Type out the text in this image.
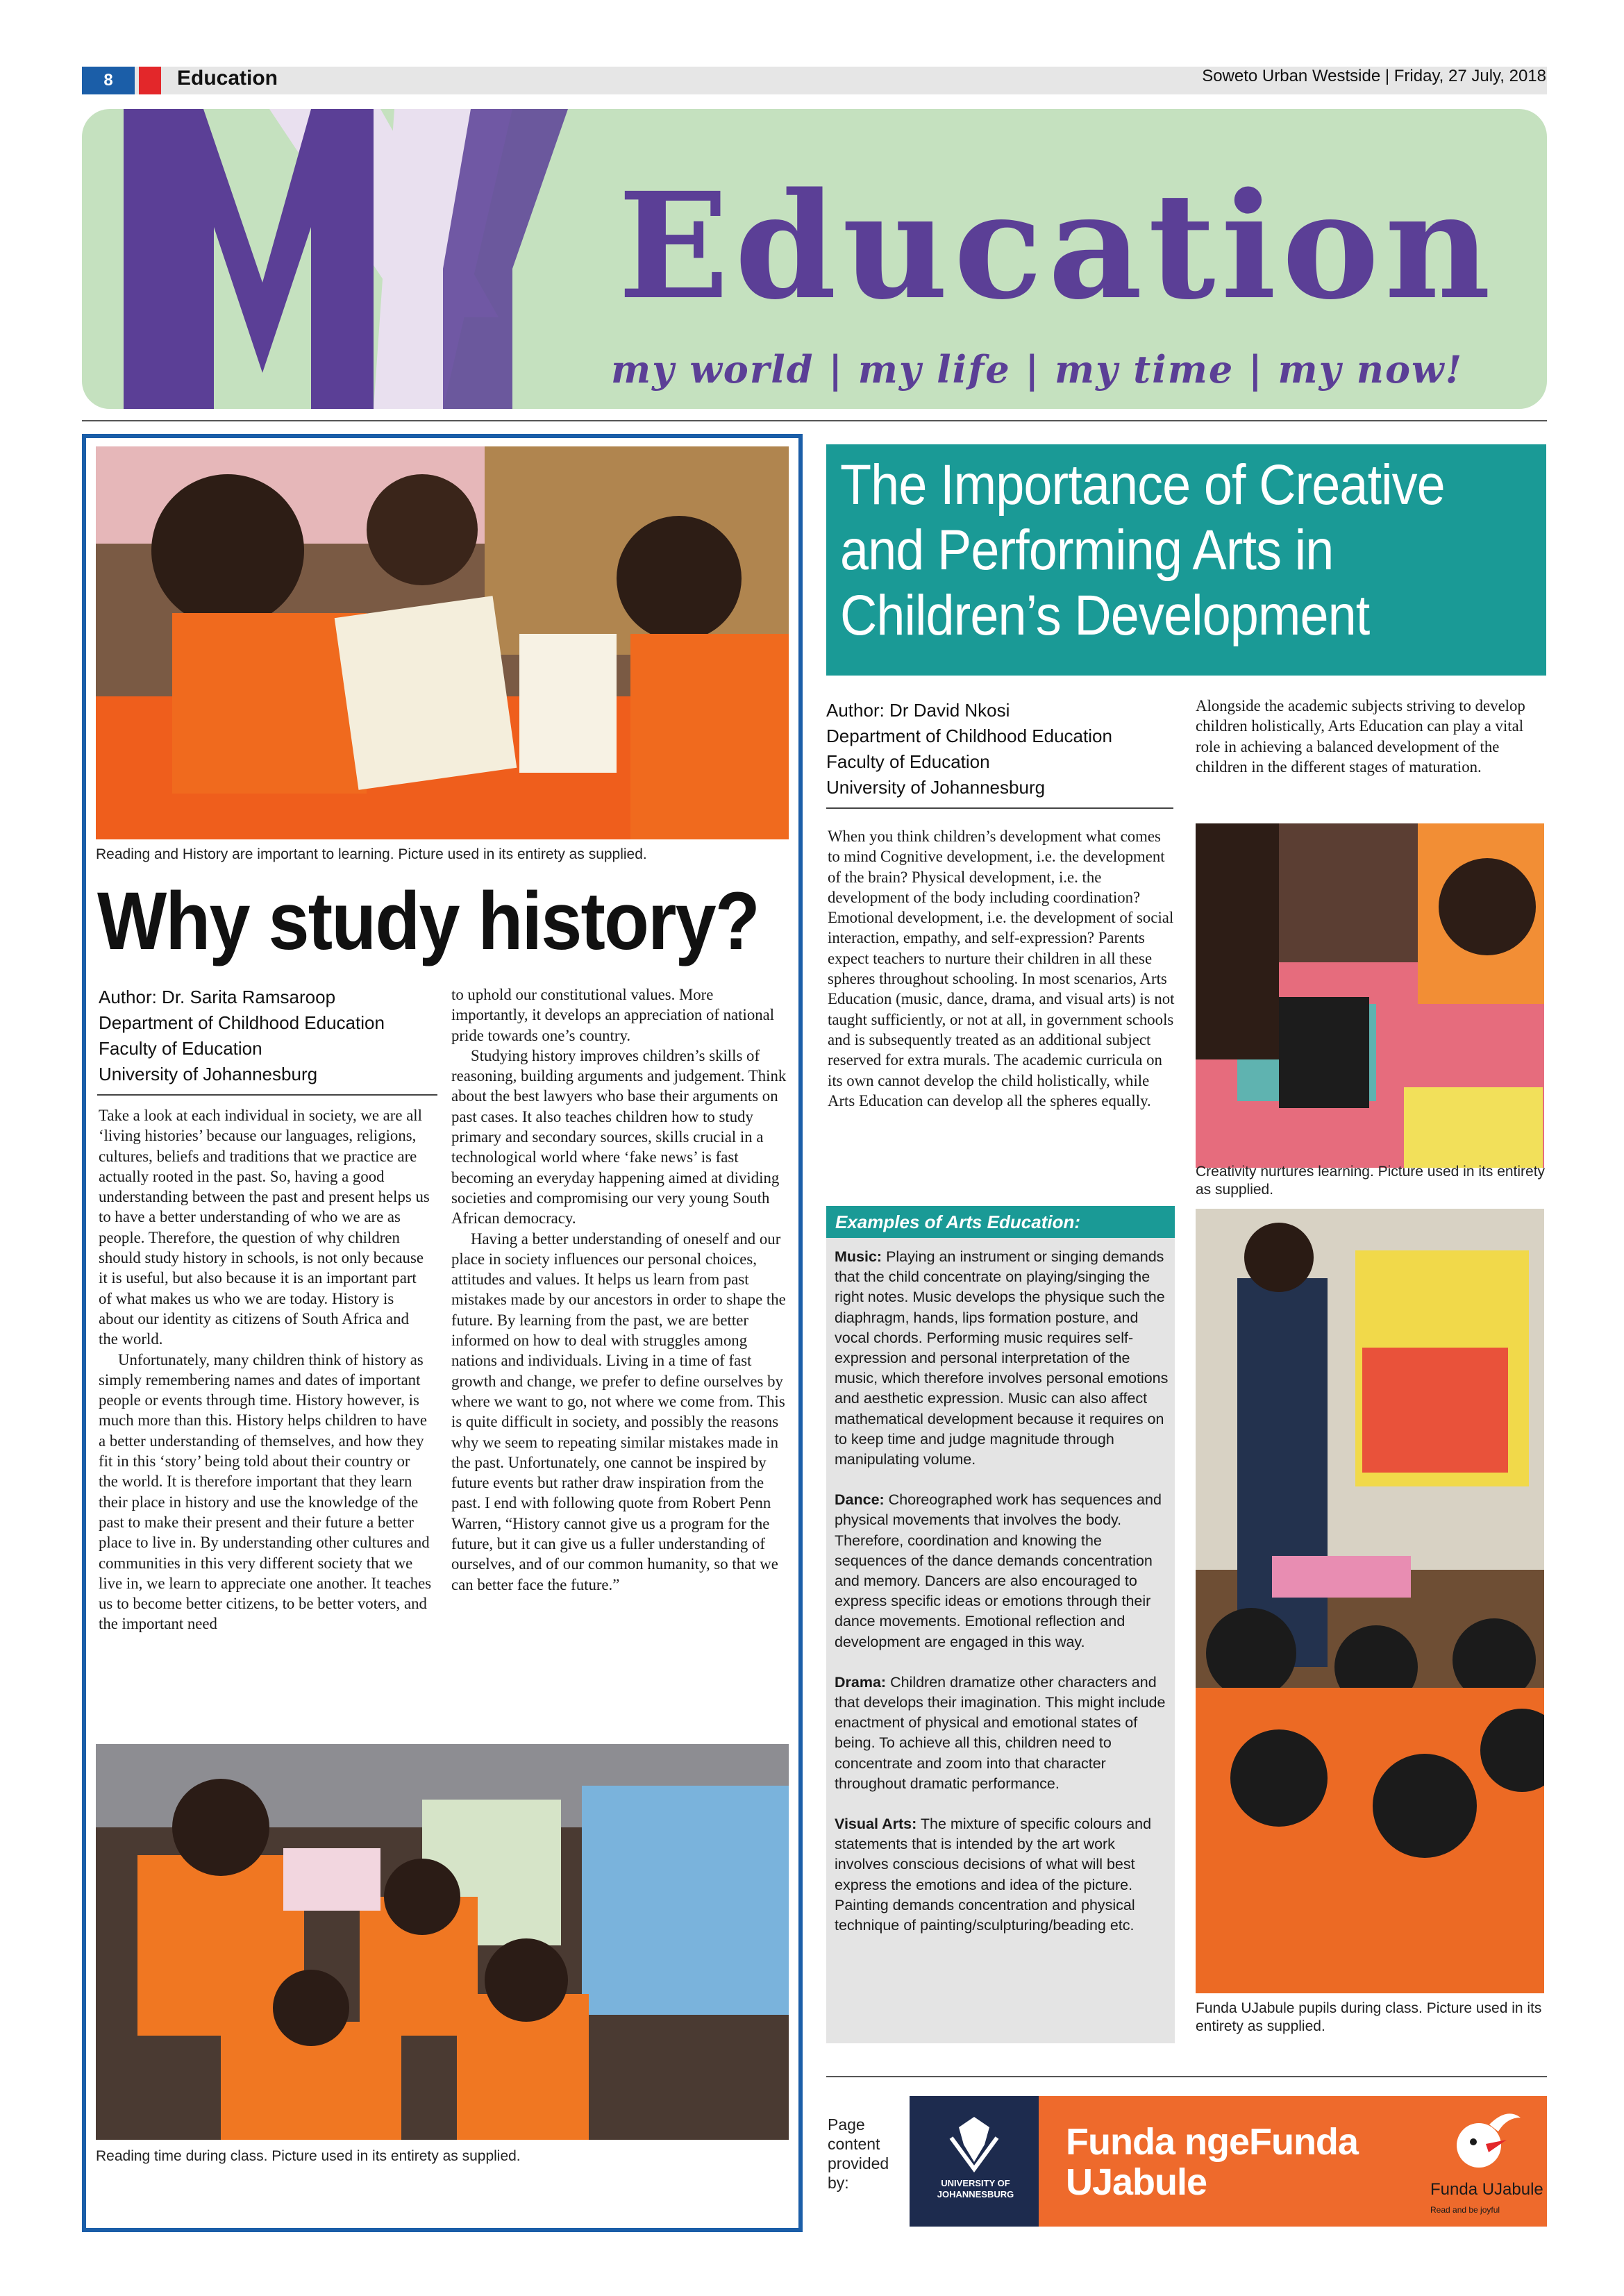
8	Education	Soweto Urban Westside | Friday, 27 July, 2018
Education
my world | my life | my time | my now!
Reading and History are important to learning. Picture used in its entirety as supplied.
Why study history?
Author: Dr. Sarita Ramsaroop
Department of Childhood Education
Faculty of Education
University of Johannesburg

Take a look at each individual in society, we are all ‘living histories’ because our languages, religions, cultures, beliefs and traditions that we practice are actually rooted in the past. So, having a good understanding between the past and present helps us to have a better understanding of who we are as people. Therefore, the question of why children should study history in schools, is not only because it is useful, but also because it is an important part of what makes us who we are today. History is about our identity as citizens of South Africa and the world.

Unfortunately, many children think of history as simply remembering names and dates of important people or events through time. History however, is much more than this. History helps children to have a better understanding of themselves, and how they fit in this ‘story’ being told about their country or the world. It is therefore important that they learn their place in history and use the knowledge of the past to make their present and their future a better place to live in. By understanding other cultures and communities in this very different society that we live in, we learn to appreciate one another. It teaches us to become better citizens, to be better voters, and the important need

to uphold our constitutional values. More importantly, it develops an appreciation of national pride towards one’s country.

Studying history improves children’s skills of reasoning, building arguments and judgement. Think about the best lawyers who base their arguments on past cases. It also teaches children how to study primary and secondary sources, skills crucial in a technological world where ‘fake news’ is fast becoming an everyday happening aimed at dividing societies and compromising our very young South African democracy.

Having a better understanding of oneself and our place in society influences our personal choices, attitudes and values. It helps us learn from past mistakes made by our ancestors in order to shape the future. By learning from the past, we are better informed on how to deal with struggles among nations and individuals. Living in a time of fast growth and change, we prefer to define ourselves by where we want to go, not where we come from. This is quite difficult in society, and possibly the reasons why we seem to repeating similar mistakes made in the past. Unfortunately, one cannot be inspired by future events but rather draw inspiration from the past. I end with following quote from Robert Penn Warren, “History cannot give us a program for the future, but it can give us a fuller understanding of ourselves, and of our common humanity, so that we can better face the future.”

Reading time during class. Picture used in its entirety as supplied.
The Importance of Creative
and Performing Arts in
Children’s Development
Author: Dr David Nkosi
Department of Childhood Education
Faculty of Education
University of Johannesburg

When you think children’s development what comes to mind Cognitive development, i.e. the development of the brain? Physical development, i.e. the development of the body including coordination? Emotional development, i.e. the development of social interaction, empathy, and self-expression? Parents expect teachers to nurture their children in all these spheres throughout schooling. In most scenarios, Arts Education (music, dance, drama, and visual arts) is not taught sufficiently, or not at all, in government schools and is subsequently treated as an additional subject reserved for extra murals. The academic curricula on its own cannot develop the child holistically, while Arts Education can develop all the spheres equally.

Alongside the academic subjects striving to develop children holistically, Arts Education can play a vital role in achieving a balanced development of the children in the different stages of maturation.

Creativity nurtures learning. Picture used in its entirety as supplied.
Funda UJabule pupils during class. Picture used in its entirety as supplied.
Examples of Arts Education:

Music: Playing an instrument or singing demands that the child concentrate on playing/singing the right notes. Music develops the physique such the diaphragm, hands, lips formation posture, and vocal chords. Performing music requires self-expression and personal interpretation of the music, which therefore involves personal emotions and aesthetic expression. Music can also affect mathematical development because it requires on to keep time and judge magnitude through manipulating volume.

Dance: Choreographed work has sequences and physical movements that involves the body. Therefore, coordination and knowing the sequences of the dance demands concentration and memory. Dancers are also encouraged to express specific ideas or emotions through their dance movements. Emotional reflection and development are engaged in this way.

Drama: Children dramatize other characters and that develops their imagination. This might include enactment of physical and emotional states of being. To achieve all this, children need to concentrate and zoom into that character throughout dramatic performance.

Visual Arts: The mixture of specific colours and statements that is intended by the art work involves conscious decisions of what will best express the emotions and idea of the picture. Painting demands concentration and physical technique of painting/sculpturing/beading etc.

Page content provided by:	UNIVERSITY OF JOHANNESBURG
Funda ngeFunda
UJabule	Funda UJabule
Read and be joyful
